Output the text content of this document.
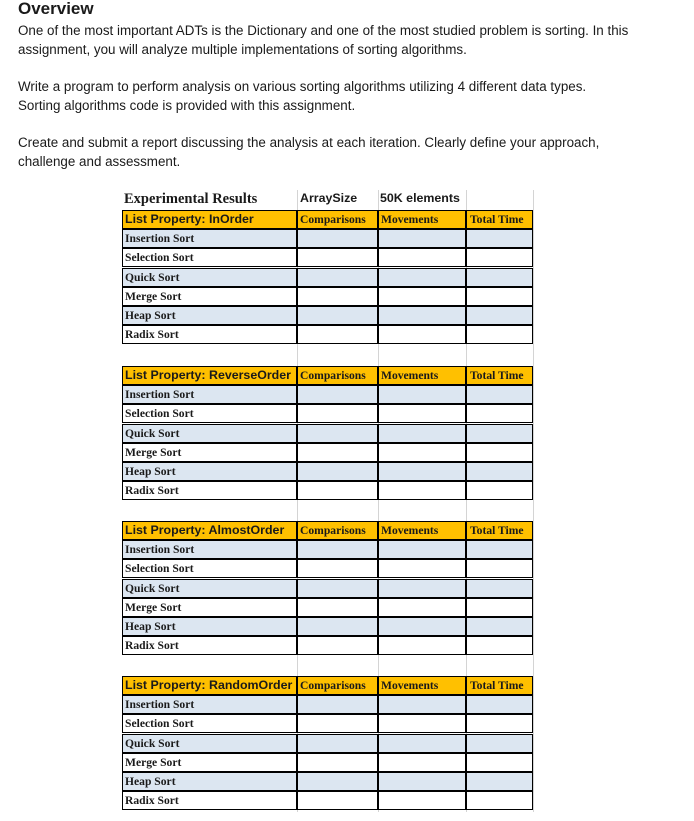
Overview

One of the most important ADTs is the Dictionary and one of the most studied problem is sorting. In this
assignment, you will analyze multiple implementations of sorting algorithms.

Write a program to perform analysis on various sorting algorithms utilizing 4 different data types.
Sorting algorithms code is provided with this assignment.

Create and submit a report discussing the analysis at each iteration. Clearly define your approach,
challenge and assessment.

Experimental Results	ArraySize	50K elements
List Property: InOrder	Comparisons	Movements	Total Time
Insertion Sort
Selection Sort
Quick Sort
Merge Sort
Heap Sort
Radix Sort
List Property: ReverseOrder Comparisons	Movements	Total Time
Insertion Sort
Selection Sort
Quick Sort
Merge Sort
Heap Sort
Radix Sort
List Property: AlmostOrder	Comparisons	Movements	Total Time
Insertion Sort
Selection Sort
Quick Sort
Merge Sort
Heap Sort
Radix Sort
List Property: RandomOrder Comparisons	Movements	Total Time
Insertion Sort
Selection Sort
Quick Sort
Merge Sort
Heap Sort
Radix Sort
